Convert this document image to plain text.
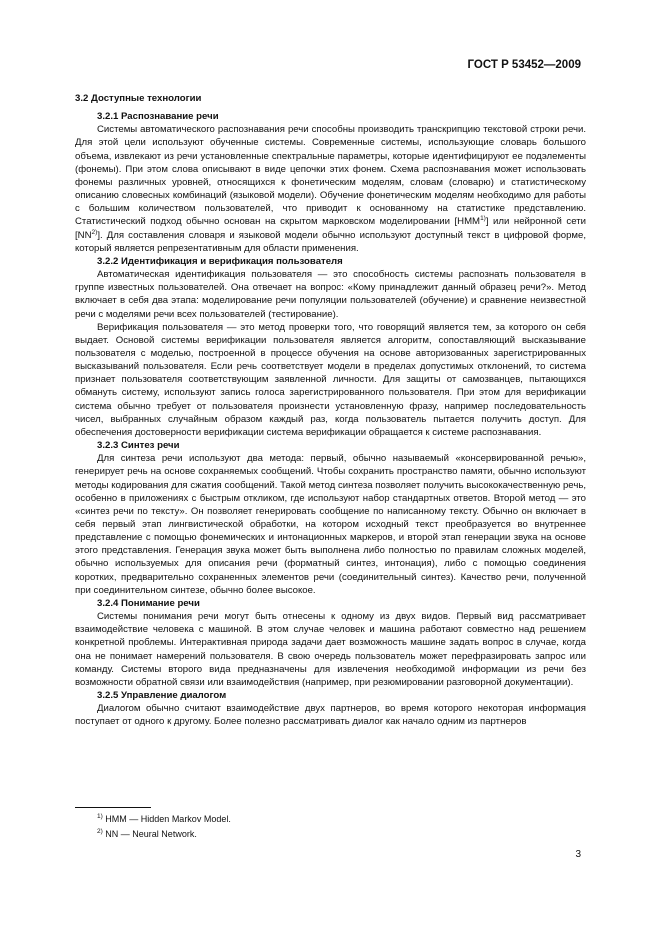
ГОСТ Р 53452—2009
3.2 Доступные технологии
3.2.1 Распознавание речи

Системы автоматического распознавания речи способны производить транскрипцию текстовой строки речи. Для этой цели используют обученные системы. Современные системы, использующие словарь большого объема, извлекают из речи установленные спектральные параметры, которые идентифицируют ее подэлементы (фонемы). При этом слова описывают в виде цепочки этих фонем. Схема распознавания может использовать фонемы различных уровней, относящихся к фонетическим моделям, словам (словарю) и статистическому описанию словесных комбинаций (языковой модели). Обучение фонетическим моделям необходимо для работы с большим количеством пользователей, что приводит к основанному на статистике представлению. Статистический подход обычно основан на скрытом марковском моделировании [HMM$^{1)}$] или нейронной сети [NN$^{2)}$]. Для составления словаря и языковой модели обычно используют доступный текст в цифровой форме, который является репрезентативным для области применения.

3.2.2 Идентификация и верификация пользователя

Автоматическая идентификация пользователя — это способность системы распознать пользователя в группе известных пользователей. Она отвечает на вопрос: «Кому принадлежит данный образец речи?». Метод включает в себя два этапа: моделирование речи популяции пользователей (обучение) и сравнение неизвестной речи с моделями речи всех пользователей (тестирование).

Верификация пользователя — это метод проверки того, что говорящий является тем, за которого он себя выдает. Основой системы верификации пользователя является алгоритм, сопоставляющий высказывание пользователя с моделью, построенной в процессе обучения на основе авторизованных зарегистрированных высказываний пользователя. Если речь соответствует модели в пределах допустимых отклонений, то система признает пользователя соответствующим заявленной личности. Для защиты от самозванцев, пытающихся обмануть систему, используют запись голоса зарегистрированного пользователя. При этом для верификации система обычно требует от пользователя произнести установленную фразу, например последовательность чисел, выбранных случайным образом каждый раз, когда пользователь пытается получить доступ. Для обеспечения достоверности верификации система верификации обращается к системе распознавания.

3.2.3 Синтез речи

Для синтеза речи используют два метода: первый, обычно называемый «консервированной речью», генерирует речь на основе сохраняемых сообщений. Чтобы сохранить пространство памяти, обычно используют методы кодирования для сжатия сообщений. Такой метод синтеза позволяет получить высококачественную речь, особенно в приложениях с быстрым откликом, где используют набор стандартных ответов. Второй метод — это «синтез речи по тексту». Он позволяет генерировать сообщение по написанному тексту. Обычно он включает в себя первый этап лингвистической обработки, на котором исходный текст преобразуется во внутреннее представление с помощью фонемических и интонационных маркеров, и второй этап генерации звука на основе этого представления. Генерация звука может быть выполнена либо полностью по правилам сложных моделей, обычно используемых для описания речи (форматный синтез, интонация), либо с помощью соединения коротких, предварительно сохраненных элементов речи (соединительный синтез). Качество речи, полученной при соединительном синтезе, обычно более высокое.

3.2.4 Понимание речи

Системы понимания речи могут быть отнесены к одному из двух видов. Первый вид рассматривает взаимодействие человека с машиной. В этом случае человек и машина работают совместно над решением конкретной проблемы. Интерактивная природа задачи дает возможность машине задать вопрос в случае, когда она не понимает намерений пользователя. В свою очередь пользователь может перефразировать запрос или команду. Системы второго вида предназначены для извлечения необходимой информации из речи без возможности обратной связи или взаимодействия (например, при резюмировании разговорной документации).

3.2.5 Управление диалогом

Диалогом обычно считают взаимодействие двух партнеров, во время которого некоторая информация поступает от одного к другому. Более полезно рассматривать диалог как начало одним из партнеров

$^{1)}$ HMM — Hidden Markov Model.
$^{2)}$ NN — Neural Network.
3
